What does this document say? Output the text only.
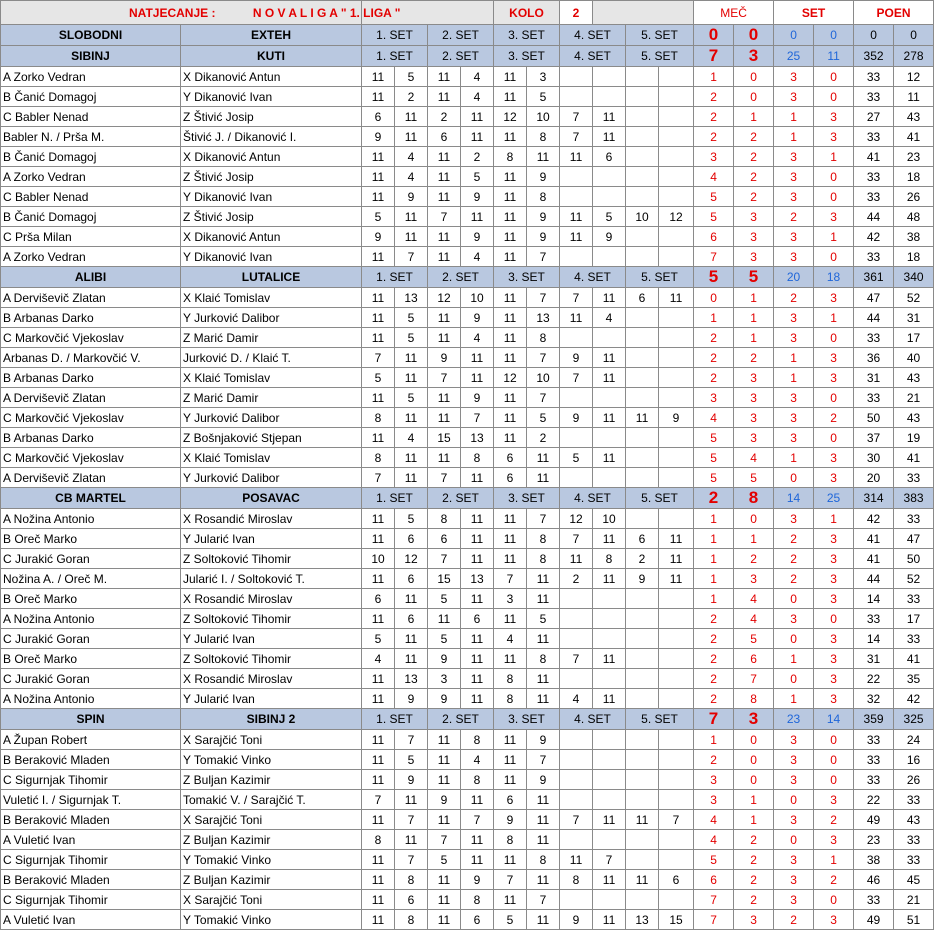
NATJECANJE : N O V A L I G A " 1. LIGA "						KOLO		2				MEČ		SET		POEN	
SLOBODNI	EXTEH	1. SET		2. SET		3. SET		4. SET		5. SET		0	0	0	0	0	0
SIBINJ	KUTI	1. SET		2. SET		3. SET		4. SET		5. SET		7	3	25	11	352	278
A Zorko Vedran	X Dikanović Antun	11	5	11	4	11	3					1	0	3	0	33	12
B Čanić Domagoj	Y Dikanović Ivan	11	2	11	4	11	5					2	0	3	0	33	11
C Babler Nenad	Z Štivić Josip	6	11	2	11	12	10	7	11			2	1	1	3	27	43
Babler N. / Prša M.	Štivić J. / Dikanović I.	9	11	6	11	11	8	7	11			2	2	1	3	33	41
B Čanić Domagoj	X Dikanović Antun	11	4	11	2	8	11	11	6			3	2	3	1	41	23
A Zorko Vedran	Z Štivić Josip	11	4	11	5	11	9					4	2	3	0	33	18
C Babler Nenad	Y Dikanović Ivan	11	9	11	9	11	8					5	2	3	0	33	26
B Čanić Domagoj	Z Štivić Josip	5	11	7	11	11	9	11	5	10	12	5	3	2	3	44	48
C Prša Milan	X Dikanović Antun	9	11	11	9	11	9	11	9			6	3	3	1	42	38
A Zorko Vedran	Y Dikanović Ivan	11	7	11	4	11	7					7	3	3	0	33	18
ALIBI	LUTALICE	1. SET		2. SET		3. SET		4. SET		5. SET		5	5	20	18	361	340
A Derviševič Zlatan	X Klaić Tomislav	11	13	12	10	11	7	7	11	6	11	0	1	2	3	47	52
B Arbanas Darko	Y Jurković Dalibor	11	5	11	9	11	13	11	4			1	1	3	1	44	31
C Markovčić Vjekoslav	Z Marić Damir	11	5	11	4	11	8					2	1	3	0	33	17
Arbanas D. / Markovčić V.	Jurković D. / Klaić T.	7	11	9	11	11	7	9	11			2	2	1	3	36	40
B Arbanas Darko	X Klaić Tomislav	5	11	7	11	12	10	7	11			2	3	1	3	31	43
A Derviševič Zlatan	Z Marić Damir	11	5	11	9	11	7					3	3	3	0	33	21
C Markovčić Vjekoslav	Y Jurković Dalibor	8	11	11	7	11	5	9	11	11	9	4	3	3	2	50	43
B Arbanas Darko	Z Bošnjaković Stjepan	11	4	15	13	11	2					5	3	3	0	37	19
C Markovčić Vjekoslav	X Klaić Tomislav	8	11	11	8	6	11	5	11			5	4	1	3	30	41
A Derviševič Zlatan	Y Jurković Dalibor	7	11	7	11	6	11					5	5	0	3	20	33
CB MARTEL	POSAVAC	1. SET		2. SET		3. SET		4. SET		5. SET		2	8	14	25	314	383
A Nožina Antonio	X Rosandić Miroslav	11	5	8	11	11	7	12	10			1	0	3	1	42	33
B Oreč Marko	Y Jularić Ivan	11	6	6	11	11	8	7	11	6	11	1	1	2	3	41	47
C Jurakić Goran	Z Soltoković Tihomir	10	12	7	11	11	8	11	8	2	11	1	2	2	3	41	50
Nožina A. / Oreč M.	Jularić I. / Soltoković T.	11	6	15	13	7	11	2	11	9	11	1	3	2	3	44	52
B Oreč Marko	X Rosandić Miroslav	6	11	5	11	3	11					1	4	0	3	14	33
A Nožina Antonio	Z Soltoković Tihomir	11	6	11	6	11	5					2	4	3	0	33	17
C Jurakić Goran	Y Jularić Ivan	5	11	5	11	4	11					2	5	0	3	14	33
B Oreč Marko	Z Soltoković Tihomir	4	11	9	11	11	8	7	11			2	6	1	3	31	41
C Jurakić Goran	X Rosandić Miroslav	11	13	3	11	8	11					2	7	0	3	22	35
A Nožina Antonio	Y Jularić Ivan	11	9	9	11	8	11	4	11			2	8	1	3	32	42
SPIN	SIBINJ 2	1. SET		2. SET		3. SET		4. SET		5. SET		7	3	23	14	359	325
A Župan Robert	X Sarajčić Toni	11	7	11	8	11	9					1	0	3	0	33	24
B Beraković Mladen	Y Tomakić Vinko	11	5	11	4	11	7					2	0	3	0	33	16
C Sigurnjak Tihomir	Z Buljan Kazimir	11	9	11	8	11	9					3	0	3	0	33	26
Vuletić I. / Sigurnjak T.	Tomakić V. / Sarajčić T.	7	11	9	11	6	11					3	1	0	3	22	33
B Beraković Mladen	X Sarajčić Toni	11	7	11	7	9	11	7	11	11	7	4	1	3	2	49	43
A Vuletić Ivan	Z Buljan Kazimir	8	11	7	11	8	11					4	2	0	3	23	33
C Sigurnjak Tihomir	Y Tomakić Vinko	11	7	5	11	11	8	11	7			5	2	3	1	38	33
B Beraković Mladen	Z Buljan Kazimir	11	8	11	9	7	11	8	11	11	6	6	2	3	2	46	45
C Sigurnjak Tihomir	X Sarajčić Toni	11	6	11	8	11	7					7	2	3	0	33	21
A Vuletić Ivan	Y Tomakić Vinko	11	8	11	6	5	11	9	11	13	15	7	3	2	3	49	51
